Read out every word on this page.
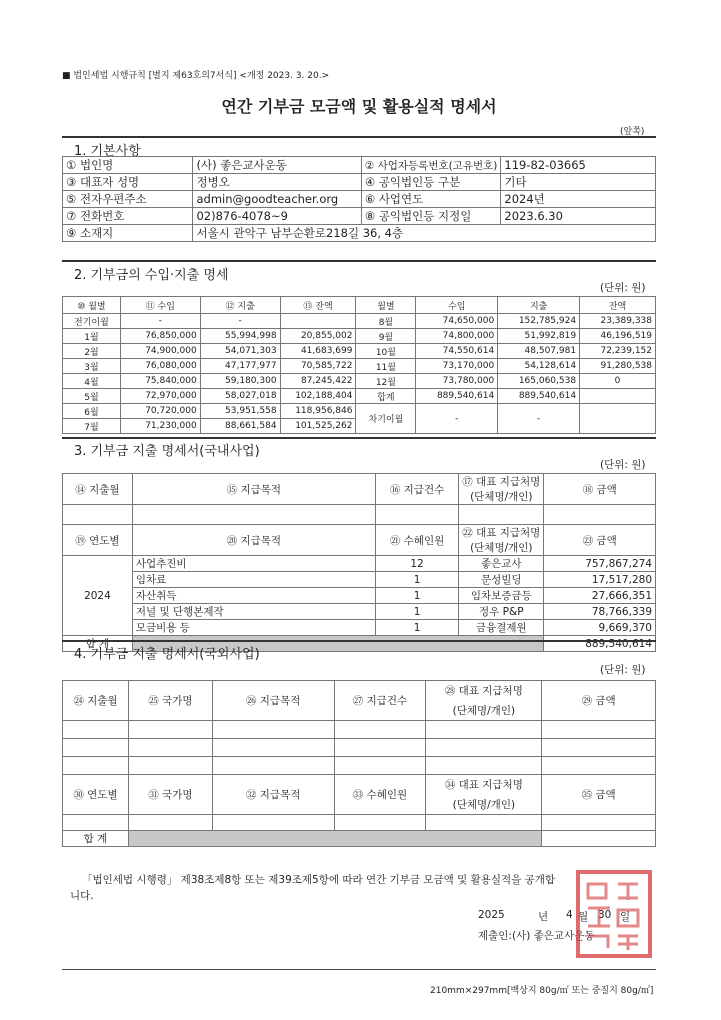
■ 법인세법 시행규칙 [별지 제63호의7서식] <개정 2023. 3. 20.>
연간 기부금 모금액 및 활용실적 명세서
(앞쪽)
1. 기본사항
① 법인명	(사) 좋은교사운동	② 사업자등록번호(고유번호)	119-82-03665
③ 대표자 성명	정병오	④ 공익법인등 구분	기타
⑤ 전자우편주소	admin@goodteacher.org	⑥ 사업연도	2024년
⑦ 전화번호	02)876-4078~9	⑧ 공익법인등 지정일	2023.6.30
⑨ 소재지	서울시 관악구 남부순환로218길 36, 4층		
2. 기부금의 수입·지출 명세
(단위: 원)
⑩ 월별	⑪ 수입	⑫ 지출	⑬ 잔액	월별	수입	지출	잔액
전기이월	-	-		8월	74,650,000	152,785,924	23,389,338
1월	76,850,000	55,994,998	20,855,002	9월	74,800,000	51,992,819	46,196,519
2월	74,900,000	54,071,303	41,683,699	10월	74,550,614	48,507,981	72,239,152
3월	76,080,000	47,177,977	70,585,722	11월	73,170,000	54,128,614	91,280,538
4월	75,840,000	59,180,300	87,245,422	12월	73,780,000	165,060,538	0
5월	72,970,000	58,027,018	102,188,404	합계	889,540,614	889,540,614	
6월	70,720,000	53,951,558	118,956,846	차기이월	-	-	
7월	71,230,000	88,661,584	101,525,262				
3. 기부금 지출 명세서(국내사업)
(단위: 원)
⑭ 지출월	⑮ 지급목적	⑯ 지급건수	⑰ 대표 지급처명	⑱ 금액
			(단체명/개인)	

⑲ 연도별	⑳ 지급목적	㉑ 수혜인원	㉒ 대표 지급처명	㉓ 금액
			(단체명/개인)	
2024	사업추진비	12	좋은교사	757,867,274
	임차료	1	문성빌딩	17,517,280
	자산취득	1	임차보증금등	27,666,351
	저널 및 단행본제작	1	정우 P&P	78,766,339
	모금비용 등	1	금융결제원	9,669,370
합 계				889,540,614
4. 기부금 지출 명세서(국외사업)
(단위: 원)
㉔ 지출월	㉕ 국가명	㉖ 지급목적	㉗ 지급건수	㉘ 대표 지급처명	㉙ 금액
				(단체명/개인)	

㉚ 연도별	㉛ 국가명	㉜ 지급목적	㉝ 수혜인원	㉞ 대표 지급처명	㉟ 금액
				(단체명/개인)	

합 계					
「법인세법 시행령」 제38조제8항 또는 제39조제5항에 따라 연간 기부금 모금액 및 활용실적을 공개합
니다.
2025	년 4 월 30 일
제출인:(사) 좋은교사운동
210mm×297mm[백상지 80g/㎡ 또는 중질지 80g/㎡]
